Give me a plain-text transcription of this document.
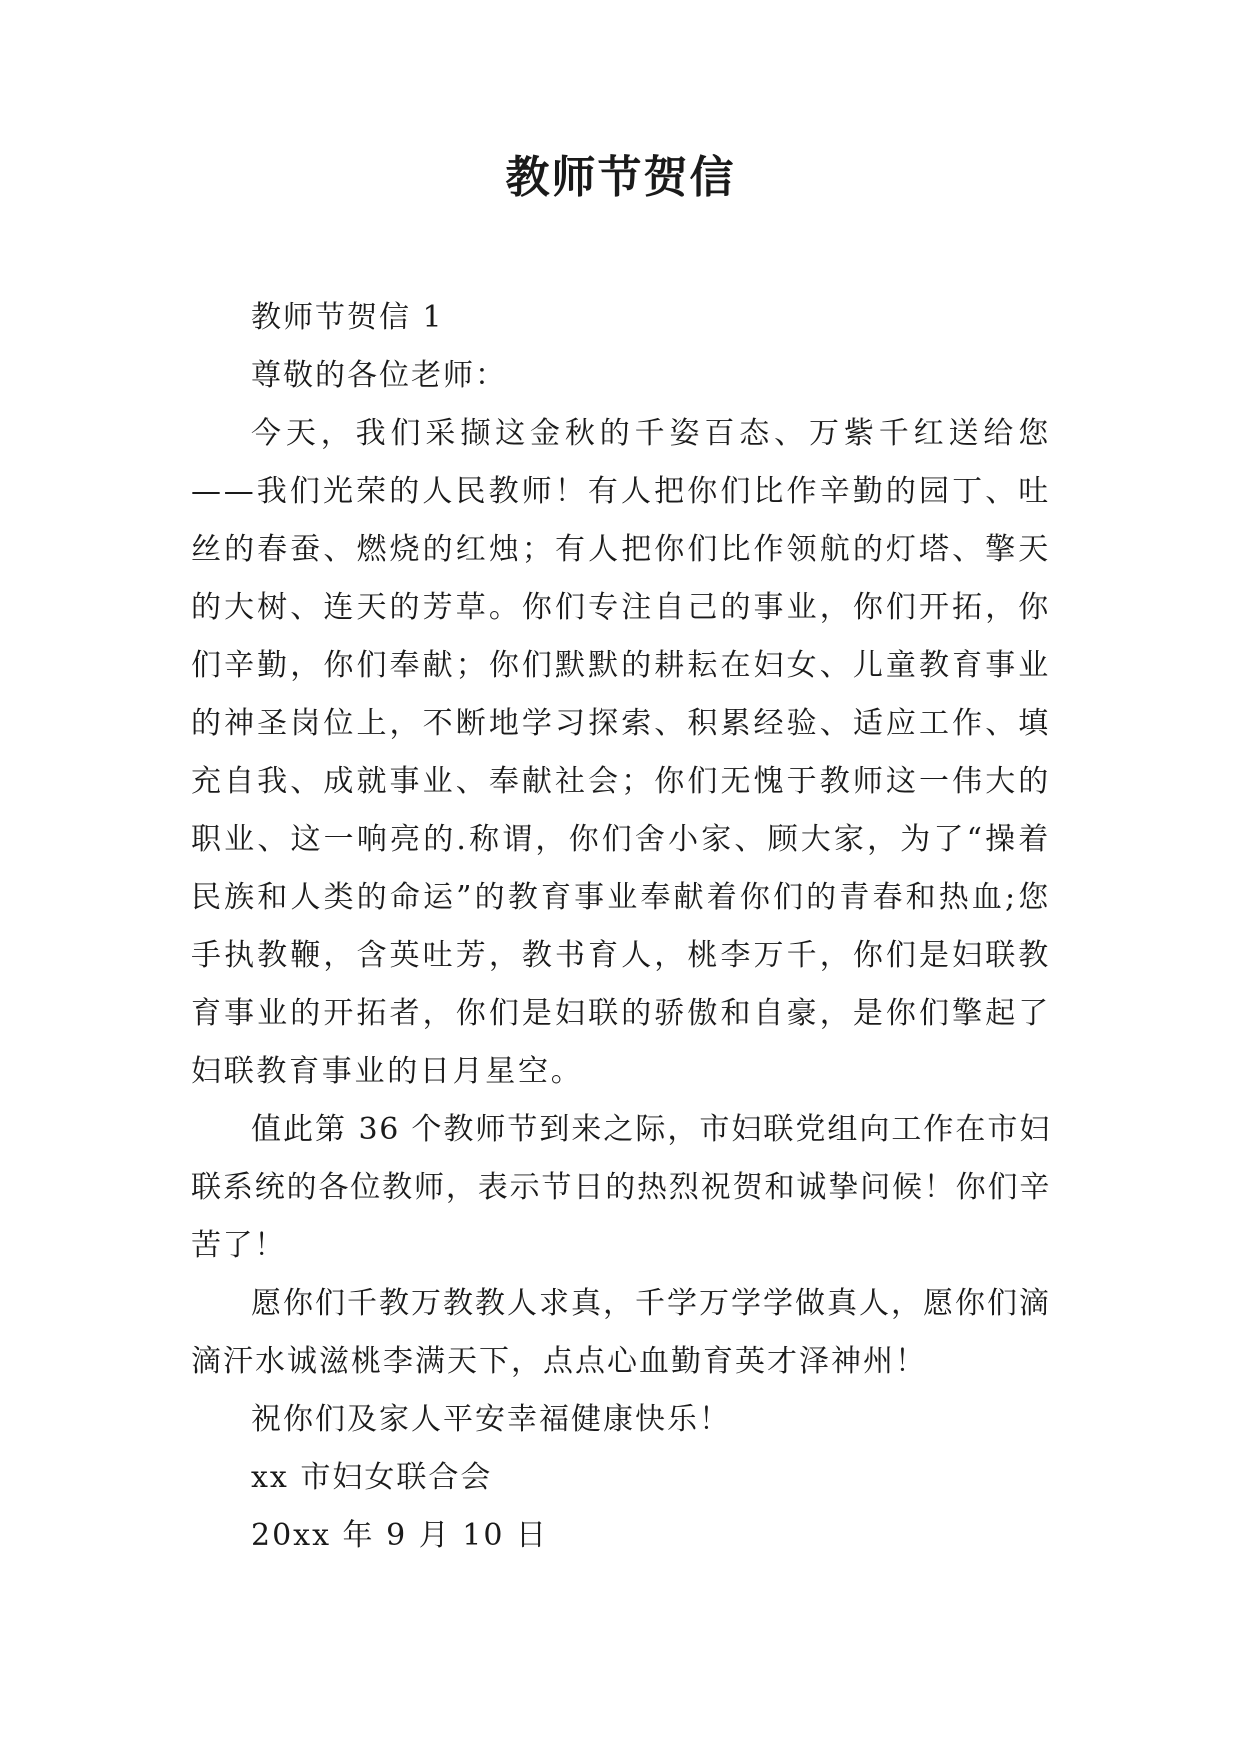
教师节贺信

教师节贺信 1

尊敬的各位老师：

今天，我们采撷这金秋的千姿百态、万紫千红送给您——我们光荣的人民教师！有人把你们比作辛勤的园丁、吐丝的春蚕、燃烧的红烛；有人把你们比作领航的灯塔、擎天的大树、连天的芳草。你们专注自己的事业，你们开拓，你们辛勤，你们奉献；你们默默的耕耘在妇女、儿童教育事业的神圣岗位上，不断地学习探索、积累经验、适应工作、填充自我、成就事业、奉献社会；你们无愧于教师这一伟大的职业、这一响亮的.称谓，你们舍小家、顾大家，为了“操着民族和人类的命运”的教育事业奉献着你们的青春和热血;您手执教鞭，含英吐芳，教书育人，桃李万千，你们是妇联教育事业的开拓者，你们是妇联的骄傲和自豪，是你们擎起了妇联教育事业的日月星空。

值此第 36 个教师节到来之际，市妇联党组向工作在市妇联系统的各位教师，表示节日的热烈祝贺和诚挚问候！你们辛苦了！

愿你们千教万教教人求真，千学万学学做真人，愿你们滴滴汗水诚滋桃李满天下，点点心血勤育英才泽神州！

祝你们及家人平安幸福健康快乐！

xx 市妇女联合会

20xx 年 9 月 10 日
